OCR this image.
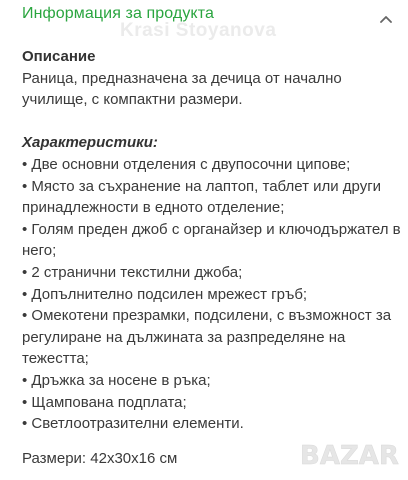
Krasi Stoyanova
Информация за продукта
Описание
Раница, предназначена за дечица от начално училище, с компактни размери.
Характеристики:
• Две основни отделения с двупосочни ципове;
• Място за съхранение на лаптоп, таблет или други принадлежности в едното отделение;
• Голям преден джоб с органайзер и ключодържател в него;
• 2 странични текстилни джоба;
• Допълнително подсилен мрежест гръб;
• Омекотени презрамки, подсилени, с възможност за регулиране на дължината за разпределяне на тежестта;
• Дръжка за носене в ръка;
• Щампована подплата;
• Светлоотразителни елементи.
Размери: 42x30x16 см	BAZAR
